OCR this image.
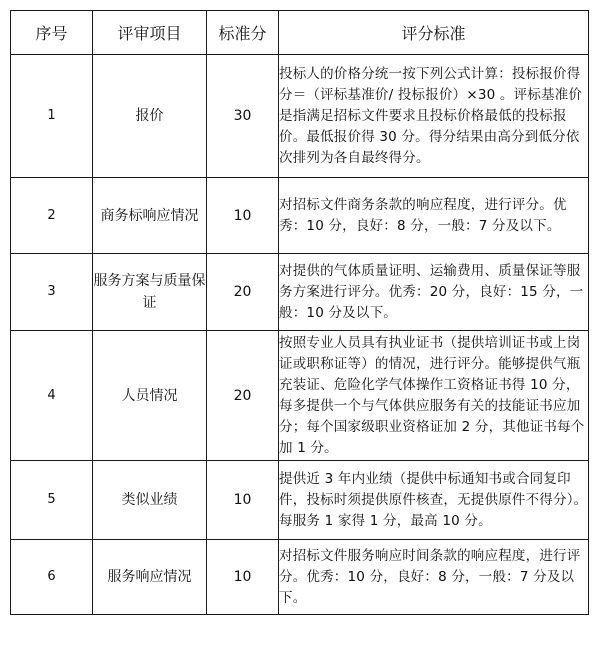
序号	评审项目	标准分	评分标准
1	报价	30	投标人的价格分统一按下列公式计算：投标报价得分＝（评标基准价/ 投标报价）×30 。评标基准价是指满足招标文件要求且投标价格最低的投标报价。最低报价得 30 分。得分结果由高分到低分依次排列为各自最终得分。
2	商务标响应情况	10	对招标文件商务条款的响应程度，进行评分。优秀：10 分，良好：8 分，一般：7 分及以下。
3	服务方案与质量保证	20	对提供的气体质量证明、运输费用、质量保证等服务方案进行评分。优秀：20 分，良好：15 分，一般：10 分及以下。
4	人员情况	20	按照专业人员具有执业证书（提供培训证书或上岗证或职称证等）的情况，进行评分。能够提供气瓶充装证、危险化学气体操作工资格证书得 10 分，每多提供一个与气体供应服务有关的技能证书应加分；每个国家级职业资格证加 2 分，其他证书每个加 1 分。
5	类似业绩	10	提供近 3 年内业绩（提供中标通知书或合同复印件，投标时须提供原件核查，无提供原件不得分）。每服务 1 家得 1 分，最高 10 分。
6	服务响应情况	10	对招标文件服务响应时间条款的响应程度，进行评分。优秀：10 分，良好：8 分，一般：7 分及以下。
